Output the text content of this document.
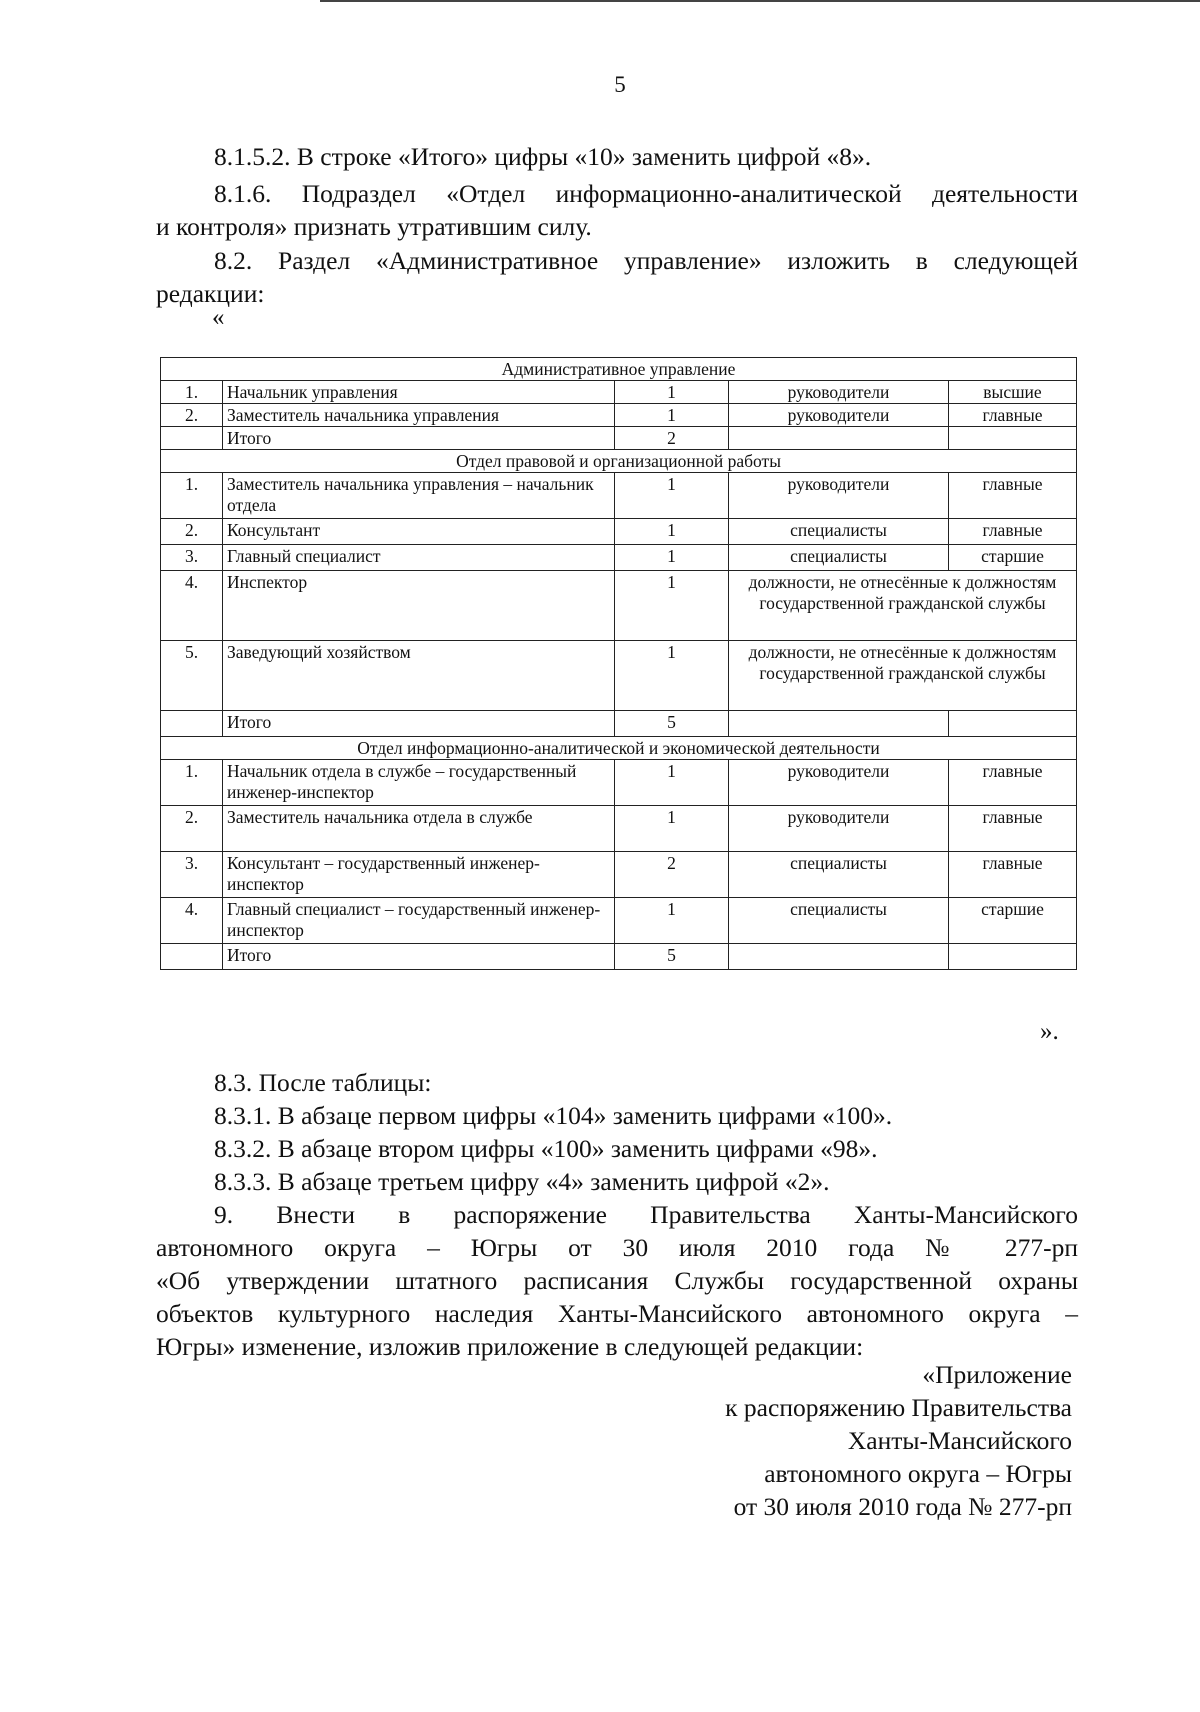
5

8.1.5.2. В строке «Итого» цифры «10» заменить цифрой «8».

8.1.6. Подраздел «Отдел информационно-аналитической деятельности

и контроля» признать утратившим силу.

8.2. Раздел «Административное управление» изложить в следующей

редакции:

«
Административное управление				
1.	Начальник управления	1	руководители	высшие
2.	Заместитель начальника управления	1	руководители	главные
	Итого	2		
Отдел правовой и организационной работы				
1.	Заместитель начальника управления – начальник отдела	1	руководители	главные
2.	Консультант	1	специалисты	главные
3.	Главный специалист	1	специалисты	старшие
4.	Инспектор	1	должности, не отнесённые к должностям государственной гражданской службы	
5.	Заведующий хозяйством	1	должности, не отнесённые к должностям государственной гражданской службы	
	Итого	5		
Отдел информационно-аналитической и экономической деятельности				
1.	Начальник отдела в службе – государственный инженер-инспектор	1	руководители	главные
2.	Заместитель начальника отдела в службе	1	руководители	главные
3.	Консультант – государственный инженер-инспектор	2	специалисты	главные
4.	Главный специалист – государственный инженер-инспектор	1	специалисты	старшие
	Итого	5		
».

8.3. После таблицы:

8.3.1. В абзаце первом цифры «104» заменить цифрами «100».

8.3.2. В абзаце втором цифры «100» заменить цифрами «98».

8.3.3. В абзаце третьем цифру «4» заменить цифрой «2».

9. Внести в распоряжение Правительства Ханты-Мансийского

автономного округа – Югры от 30 июля 2010 года № 277-рп

«Об утверждении штатного расписания Службы государственной охраны

объектов культурного наследия Ханты-Мансийского автономного округа –

Югры» изменение, изложив приложение в следующей редакции:

«Приложение
к распоряжению Правительства
Ханты-Мансийского
автономного округа – Югры
от 30 июля 2010 года № 277-рп
